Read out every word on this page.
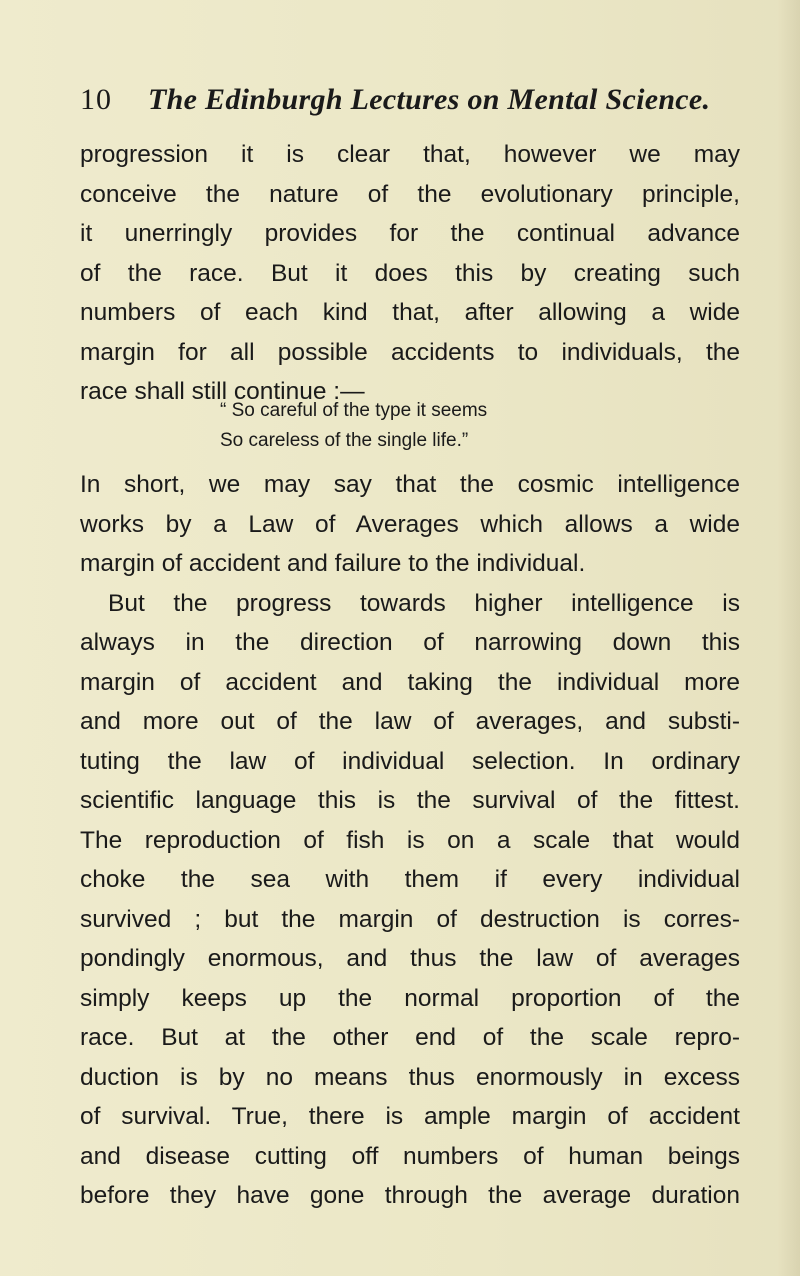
10 The Edinburgh Lectures on Mental Science.
progression it is clear that, however we may
conceive the nature of the evolutionary principle,
it unerringly provides for the continual advance
of the race. But it does this by creating such
numbers of each kind that, after allowing a wide
margin for all possible accidents to individuals, the
race shall still continue :—
“ So careful of the type it seems
So careless of the single life.”
In short, we may say that the cosmic intelligence
works by a Law of Averages which allows a wide
margin of accident and failure to the individual.
But the progress towards higher intelligence is
always in the direction of narrowing down this
margin of accident and taking the individual more
and more out of the law of averages, and substi-
tuting the law of individual selection. In ordinary
scientific language this is the survival of the fittest.
The reproduction of fish is on a scale that would
choke the sea with them if every individual
survived ; but the margin of destruction is corres-
pondingly enormous, and thus the law of averages
simply keeps up the normal proportion of the
race. But at the other end of the scale repro-
duction is by no means thus enormously in excess
of survival. True, there is ample margin of accident
and disease cutting off numbers of human beings
before they have gone through the average duration
